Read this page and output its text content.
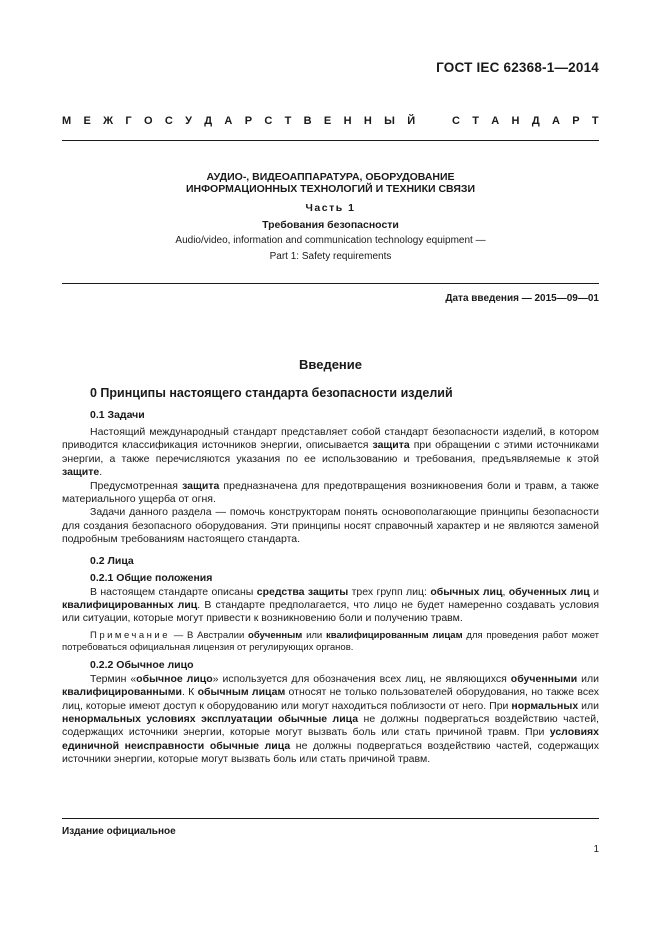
ГОСТ IEC 62368-1—2014
М Е Ж Г О С У Д А Р С Т В Е Н Н Ы Й
	С Т А Н Д А Р Т
АУДИО-, ВИДЕОАППАРАТУРА, ОБОРУДОВАНИЕ
ИНФОРМАЦИОННЫХ ТЕХНОЛОГИЙ И ТЕХНИКИ СВЯЗИ
Часть 1
Требования безопасности
Audio/video, information and communication technology equipment —
Part 1: Safety requirements
Дата введения — 2015—09—01
Введение
0 Принципы настоящего стандарта безопасности изделий
0.1 Задачи

Настоящий международный стандарт представляет собой стандарт безопасности изделий, в котором приводится классификация источников энергии, описывается защита при обращении с этими источниками энергии, а также перечисляются указания по ее использованию и требования, предъявляемые к этой защите.

Предусмотренная защита предназначена для предотвращения возникновения боли и травм, а также материального ущерба от огня.

Задачи данного раздела — помочь конструкторам понять основополагающие принципы безопасности для создания безопасного оборудования. Эти принципы носят справочный характер и не являются заменой подробным требованиям настоящего стандарта.

0.2 Лица
0.2.1 Общие положения

В настоящем стандарте описаны средства защиты трех групп лиц: обычных лиц, обученных лиц и квалифицированных лиц. В стандарте предполагается, что лицо не будет намеренно создавать условия или ситуации, которые могут привести к возникновению боли и получению травм.

Примечание — В Австралии обученным или квалифицированным лицам для проведения работ может потребоваться официальная лицензия от регулирующих органов.

0.2.2 Обычное лицо

Термин «обычное лицо» используется для обозначения всех лиц, не являющихся обученными или квалифицированными. К обычным лицам относят не только пользователей оборудования, но также всех лиц, которые имеют доступ к оборудованию или могут находиться поблизости от него. При нормальных или ненормальных условиях эксплуатации обычные лица не должны подвергаться воздействию частей, содержащих источники энергии, которые могут вызвать боль или стать причиной травм. При условиях единичной неисправности обычные лица не должны подвергаться воздействию частей, содержащих источники энергии, которые могут вызвать боль или стать причиной травм.

Издание официальное
1
